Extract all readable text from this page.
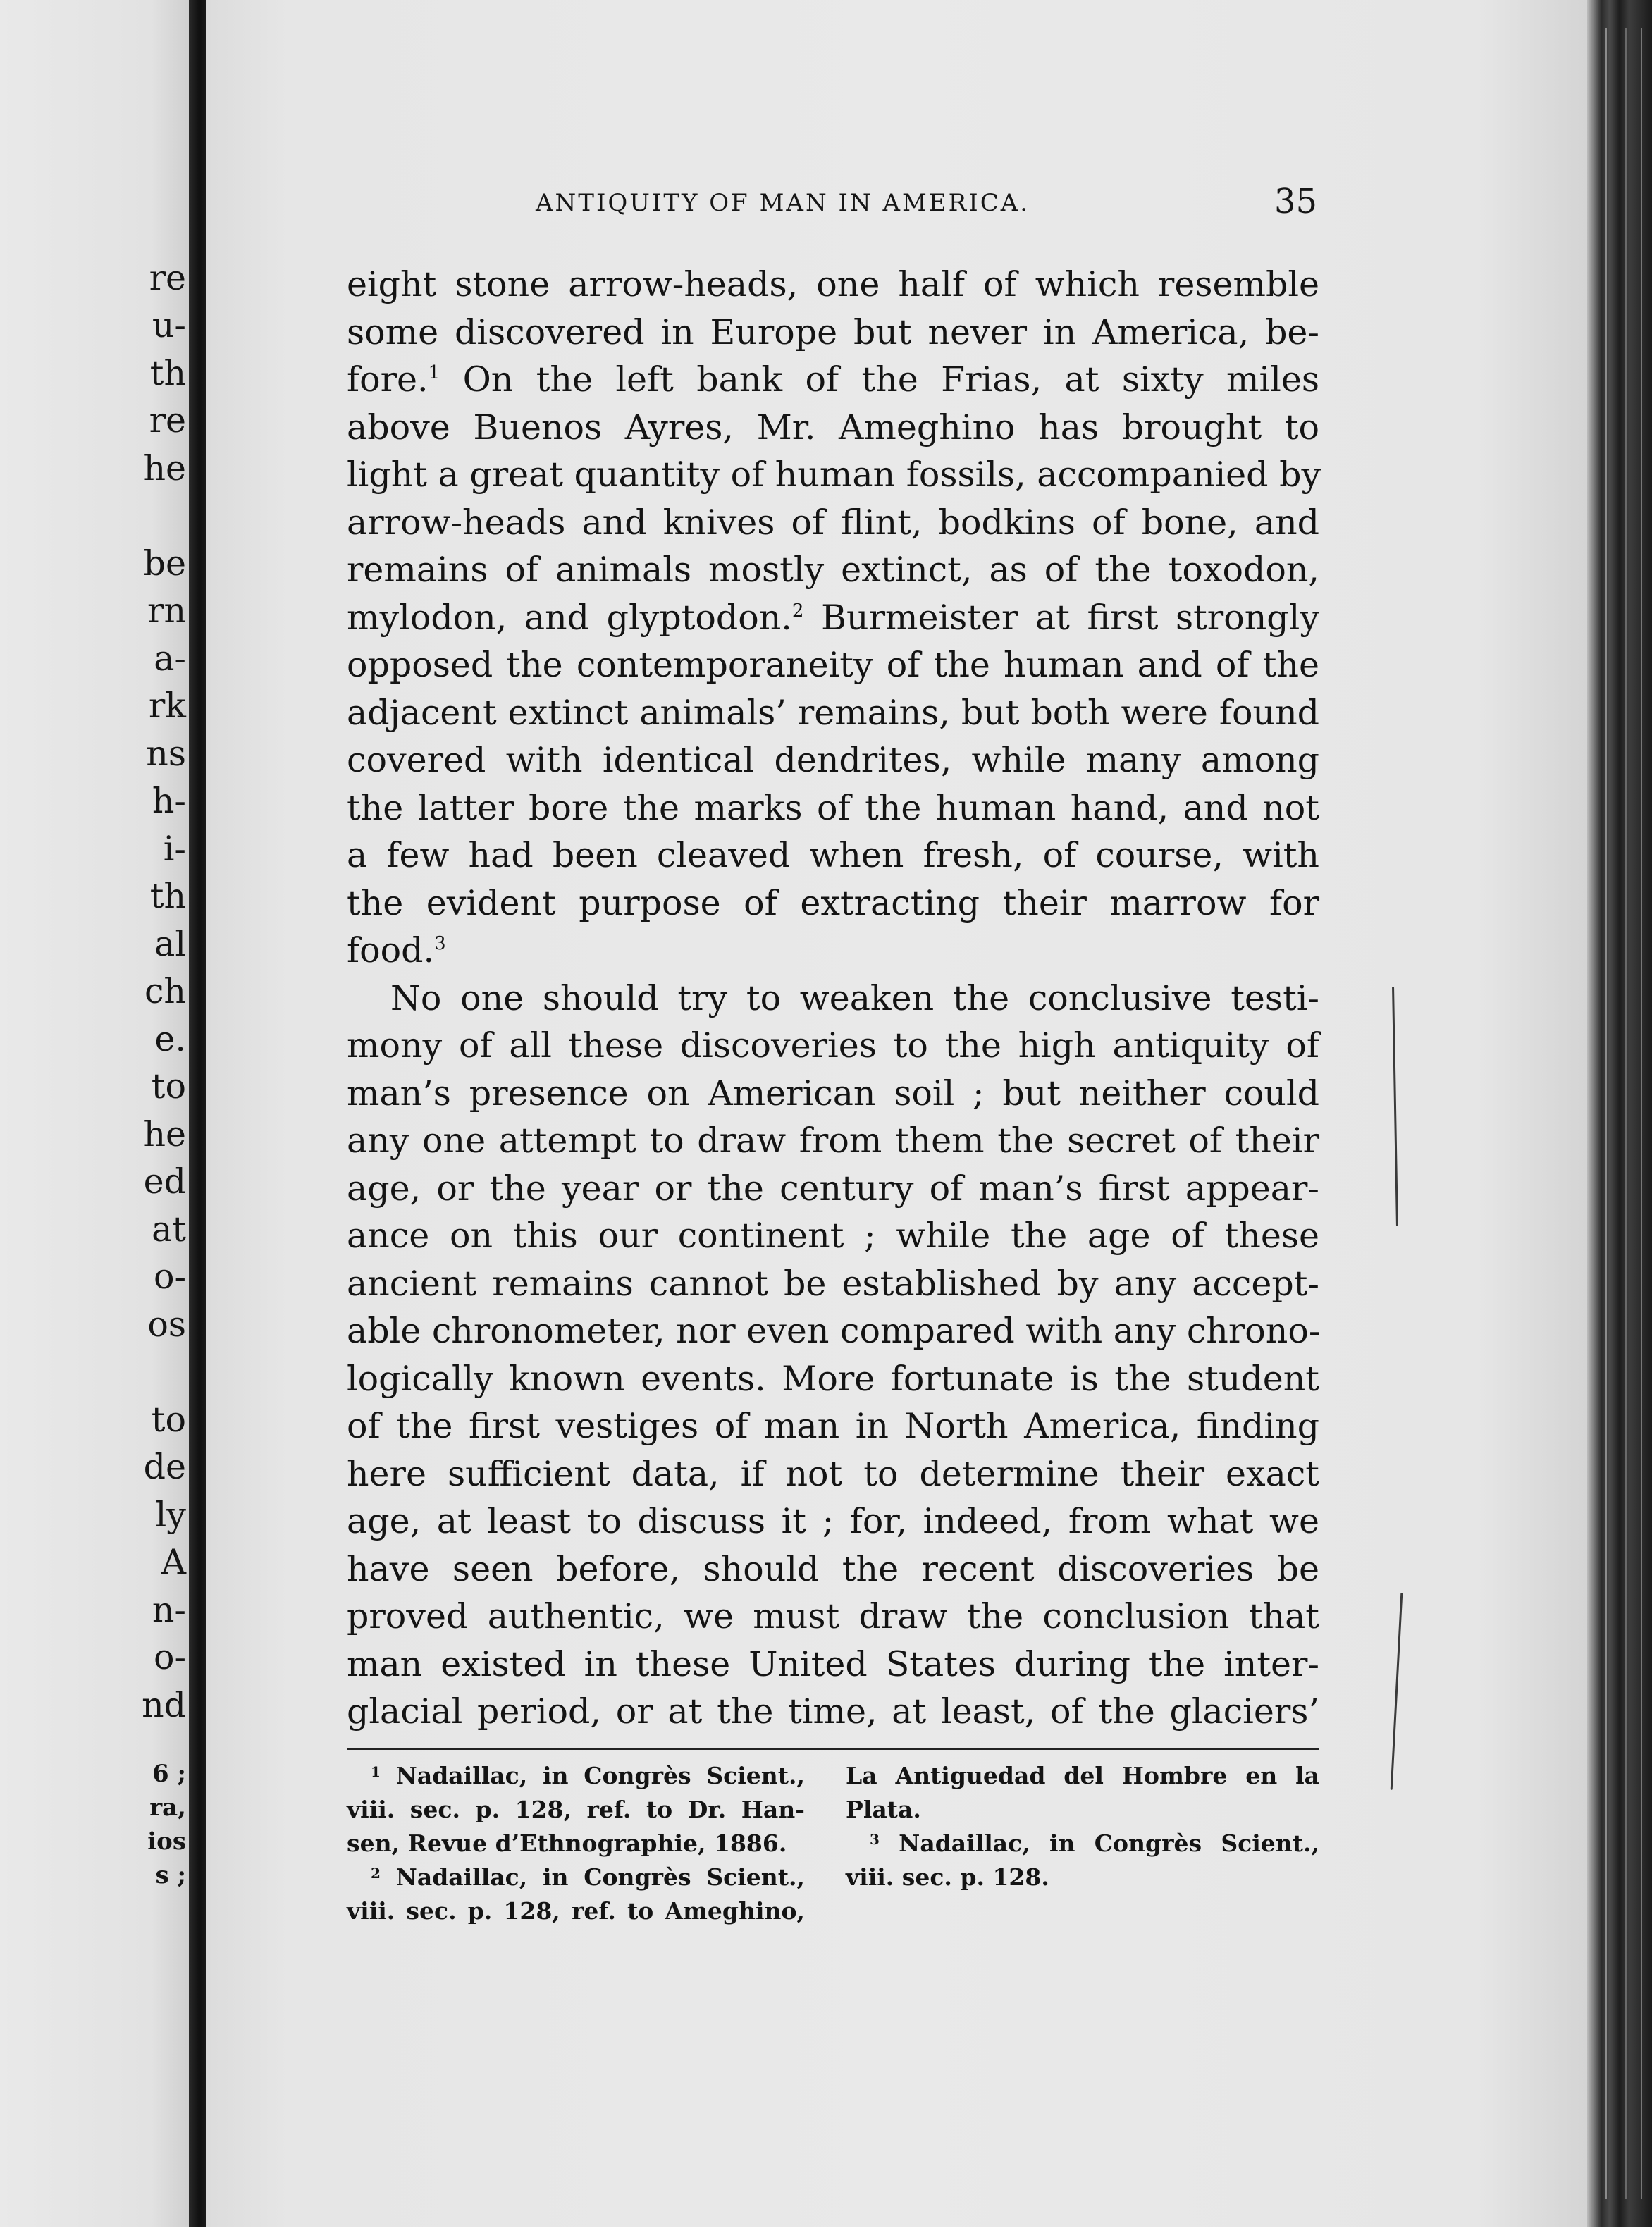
re
u-
th
re
he
be
rn
a-
rk
ns
h-
i-
th
al
ch
e.
to
he
ed
at
o-
os
to
de
ly
A
n-
o-
nd
6 ;
ra,
ios
s ;
ANTIQUITY OF MAN IN AMERICA.	35
eight stone arrow-heads, one half of which resemble
some discovered in Europe but never in America, be-
fore.$^1$ On the left bank of the Frias, at sixty miles
above Buenos Ayres, Mr. Ameghino has brought to
light a great quantity of human fossils, accompanied by
arrow-heads and knives of flint, bodkins of bone, and
remains of animals mostly extinct, as of the toxodon,
mylodon, and glyptodon.$^2$ Burmeister at first strongly
opposed the contemporaneity of the human and of the
adjacent extinct animals’ remains, but both were found
covered with identical dendrites, while many among
the latter bore the marks of the human hand, and not
a few had been cleaved when fresh, of course, with
the evident purpose of extracting their marrow for
food.$^3$
No one should try to weaken the conclusive testi-
mony of all these discoveries to the high antiquity of
man’s presence on American soil ; but neither could
any one attempt to draw from them the secret of their
age, or the year or the century of man’s first appear-
ance on this our continent ; while the age of these
ancient remains cannot be established by any accept-
able chronometer, nor even compared with any chrono-
logically known events. More fortunate is the student
of the first vestiges of man in North America, finding
here sufficient data, if not to determine their exact
age, at least to discuss it ; for, indeed, from what we
have seen before, should the recent discoveries be
proved authentic, we must draw the conclusion that
man existed in these United States during the inter-
glacial period, or at the time, at least, of the glaciers’
$^1$ Nadaillac, in Congrès Scient.,
viii. sec. p. 128, ref. to Dr. Han-
sen, Revue d’Ethnographie, 1886.
$^2$ Nadaillac, in Congrès Scient.,
viii. sec. p. 128, ref. to Ameghino,
La Antiguedad del Hombre en la
Plata.
$^3$ Nadaillac, in Congrès Scient.,
viii. sec. p. 128.
